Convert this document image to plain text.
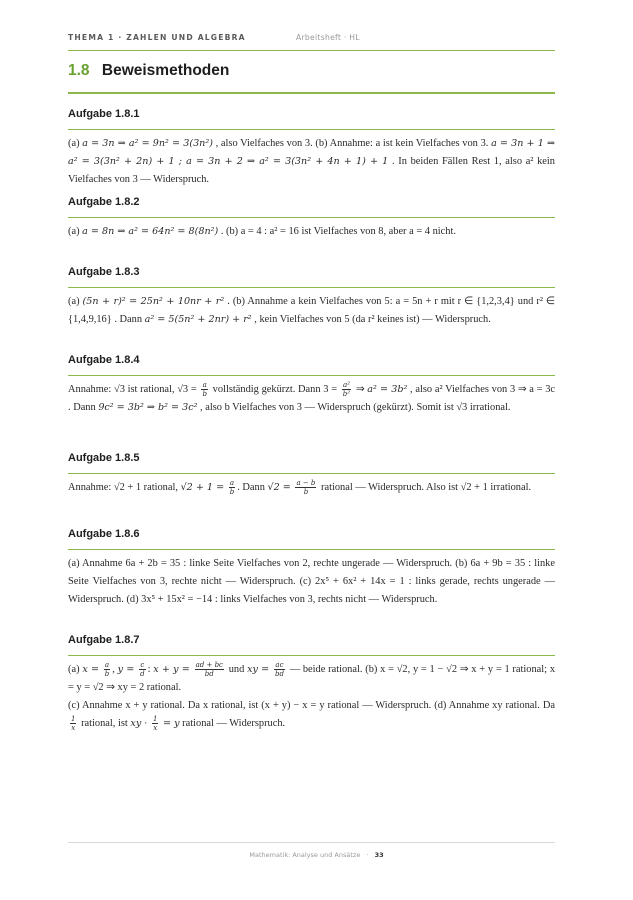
THEMA 1 · ZAHLEN UND ALGEBRA	Arbeitsheft · HL
1.8 Beweismethoden
Aufgabe 1.8.1

(a) a = 3n ⇒ a² = 9n² = 3(3n²) , also Vielfaches von 3. (b) Annahme: a ist kein Vielfaches von 3. a = 3n + 1 ⇒ a² = 3(3n² + 2n) + 1 ; a = 3n + 2 ⇒ a² = 3(3n² + 4n + 1) + 1 . In beiden Fällen Rest 1, also a² kein Vielfaches von 3 — Widerspruch.

Aufgabe 1.8.2

(a) a = 8n ⇒ a² = 64n² = 8(8n²) . (b) a = 4 : a² = 16 ist Vielfaches von 8, aber a = 4 nicht.

Aufgabe 1.8.3

(a) (5n + r)² = 25n² + 10nr + r² . (b) Annahme a kein Vielfaches von 5: a = 5n + r mit r ∈ {1,2,3,4} und r² ∈ {1,4,9,16} . Dann a² = 5(5n² + 2nr) + r² , kein Vielfaches von 5 (da r² keines ist) — Widerspruch.

Aufgabe 1.8.4

Annahme: √3 ist rational, $√3 = \frac{a}{b}$ vollständig gekürzt. Dann $3 = \frac{\text{a²}}{\text{b²}}$ ⇒ a² = 3b² , also a² Vielfaches von 3 ⇒ a = 3c . Dann 9c² = 3b² ⇒ b² = 3c² , also b Vielfaches von 3 — Widerspruch (gekürzt). Somit ist √3 irrational.

Aufgabe 1.8.5

Annahme: √2 + 1 rational, $√2 + 1 = \frac{a}{b}$ . Dann $√2 = \frac{a - b}{b}$ rational — Widerspruch. Also ist √2 + 1 irrational.

Aufgabe 1.8.6

(a) Annahme 6a + 2b = 35 : linke Seite Vielfaches von 2, rechte ungerade — Widerspruch. (b) 6a + 9b = 35 : linke Seite Vielfaches von 3, rechte nicht — Widerspruch. (c) 2x⁵ + 6x² + 14x = 1 : links gerade, rechts ungerade — Widerspruch. (d) 3x⁵ + 15x² = −14 : links Vielfaches von 3, rechts nicht — Widerspruch.

Aufgabe 1.8.7

(a) $x = \frac{a}{b}$ , $y = \frac{c}{d}$ : $x + y = \frac{ad + bc}{bd}$ und xy = $\frac{ac}{bd}$ — beide rational. (b) x = √2, y = 1 − √2 ⇒ x + y = 1 rational; x = y = √2 ⇒ xy = 2 rational.

(c) Annahme x + y rational. Da x rational, ist (x + y) − x = y rational — Widerspruch. (d) Annahme xy rational. Da
$\frac{1}{x}$ rational, ist xy · $\frac{1}{x} = y$ rational — Widerspruch.

Mathematik: Analyse und Ansätze · 33
